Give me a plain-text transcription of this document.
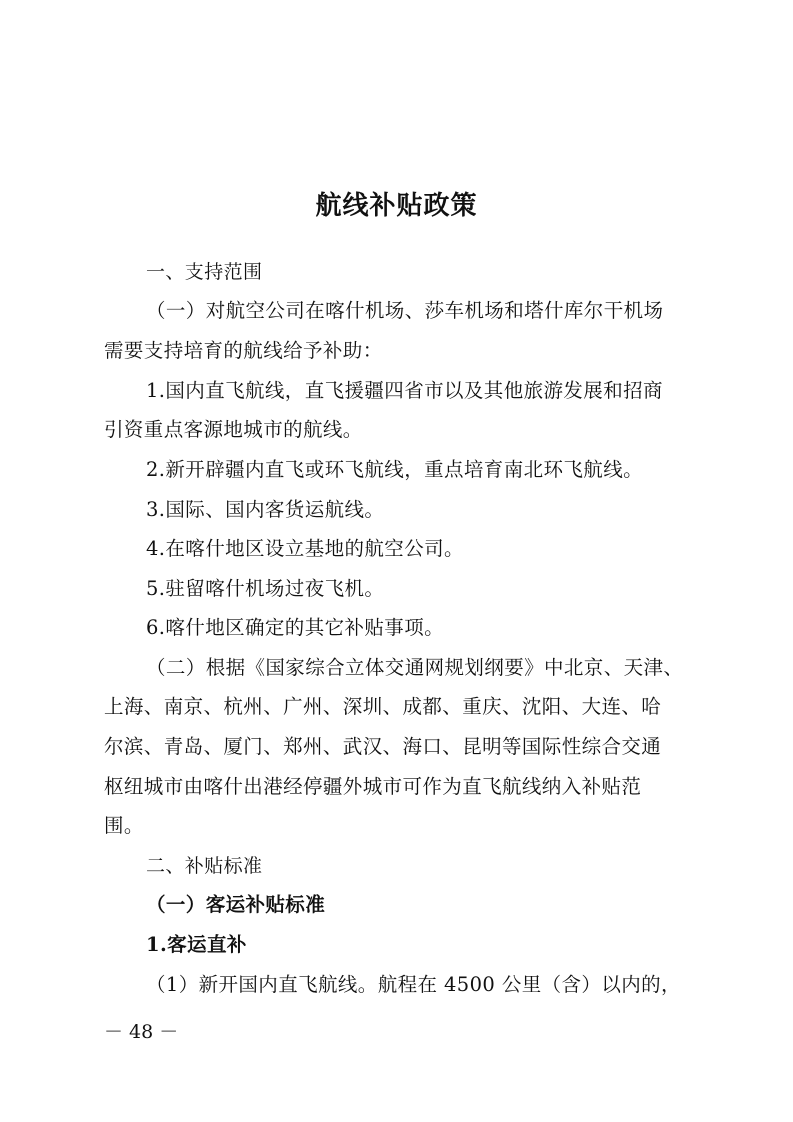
航线补贴政策
一、支持范围
（一）对航空公司在喀什机场、莎车机场和塔什库尔干机场
需要支持培育的航线给予补助：
1.国内直飞航线，直飞援疆四省市以及其他旅游发展和招商
引资重点客源地城市的航线。
2.新开辟疆内直飞或环飞航线，重点培育南北环飞航线。
3.国际、国内客货运航线。
4.在喀什地区设立基地的航空公司。
5.驻留喀什机场过夜飞机。
6.喀什地区确定的其它补贴事项。
（二）根据《国家综合立体交通网规划纲要》中北京、天津、
上海、南京、杭州、广州、深圳、成都、重庆、沈阳、大连、哈
尔滨、青岛、厦门、郑州、武汉、海口、昆明等国际性综合交通
枢纽城市由喀什出港经停疆外城市可作为直飞航线纳入补贴范
围。
二、补贴标准
（一）客运补贴标准
1.客运直补
（1）新开国内直飞航线。航程在 4500 公里（含）以内的，
－ 48 －
